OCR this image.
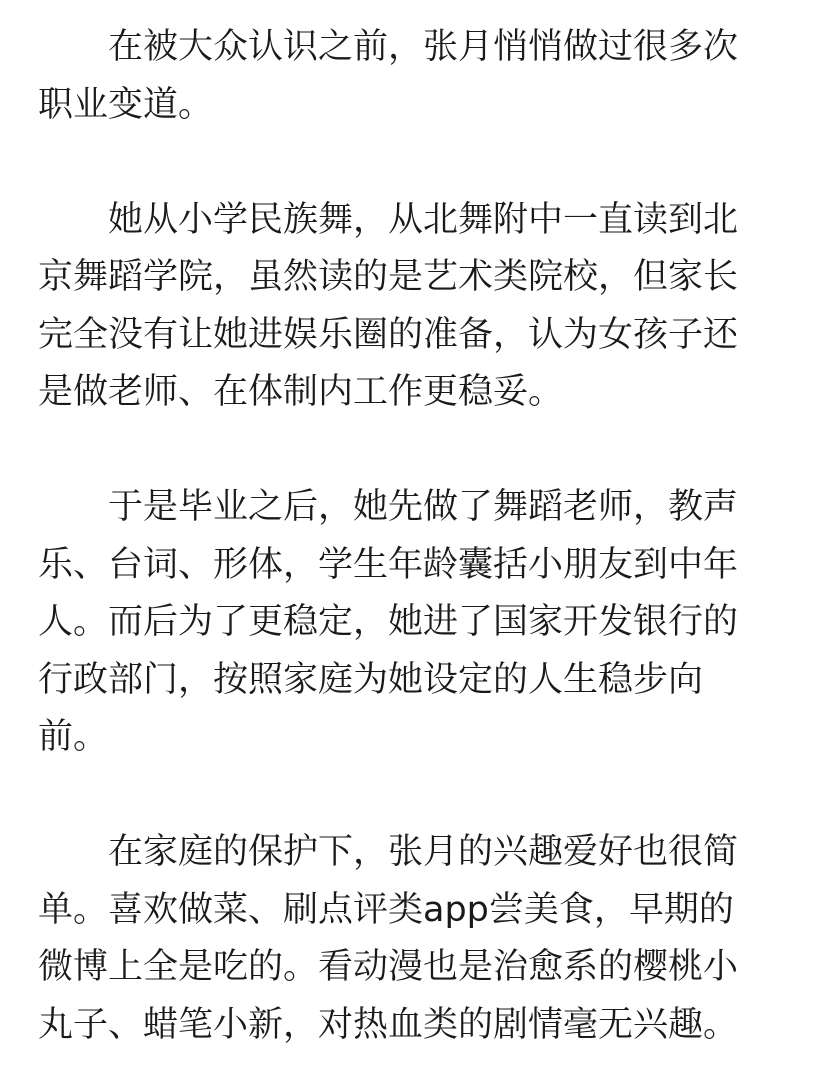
在被大众认识之前，张月悄悄做过很多次
职业变道。
她从小学民族舞，从北舞附中一直读到北
京舞蹈学院，虽然读的是艺术类院校，但家长
完全没有让她进娱乐圈的准备，认为女孩子还
是做老师、在体制内工作更稳妥。
于是毕业之后，她先做了舞蹈老师，教声
乐、台词、形体，学生年龄囊括小朋友到中年
人。而后为了更稳定，她进了国家开发银行的
行政部门，按照家庭为她设定的人生稳步向
前。
在家庭的保护下，张月的兴趣爱好也很简
单。喜欢做菜、刷点评类app尝美食，早期的
微博上全是吃的。看动漫也是治愈系的樱桃小
丸子、蜡笔小新，对热血类的剧情毫无兴趣。
